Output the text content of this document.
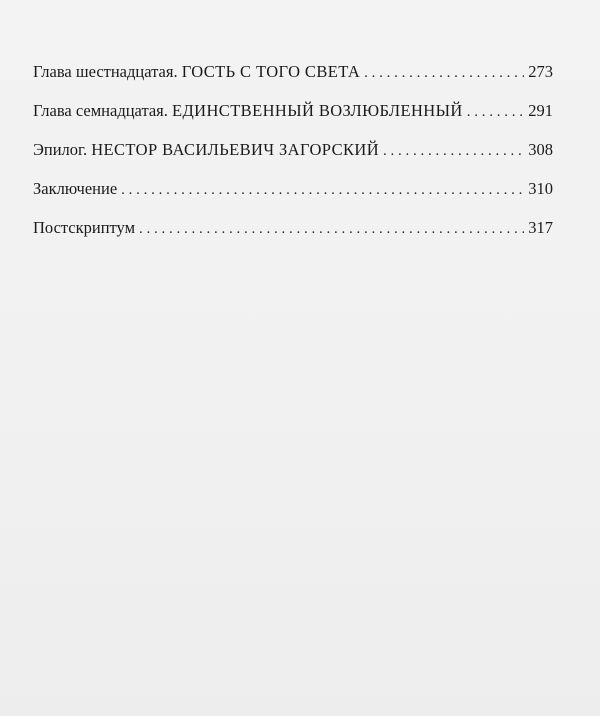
Глава шестнадцатая. ГОСТЬ С ТОГО СВЕТА . . .	273
Глава семнадцатая. ЕДИНСТВЕННЫЙ ВОЗЛЮБЛЕННЫЙ . . .	291
Эпилог. НЕСТОР ВАСИЛЬЕВИЧ ЗАГОРСКИЙ . . .	308
Заключение . . .	310
Постскриптум . . .	317
